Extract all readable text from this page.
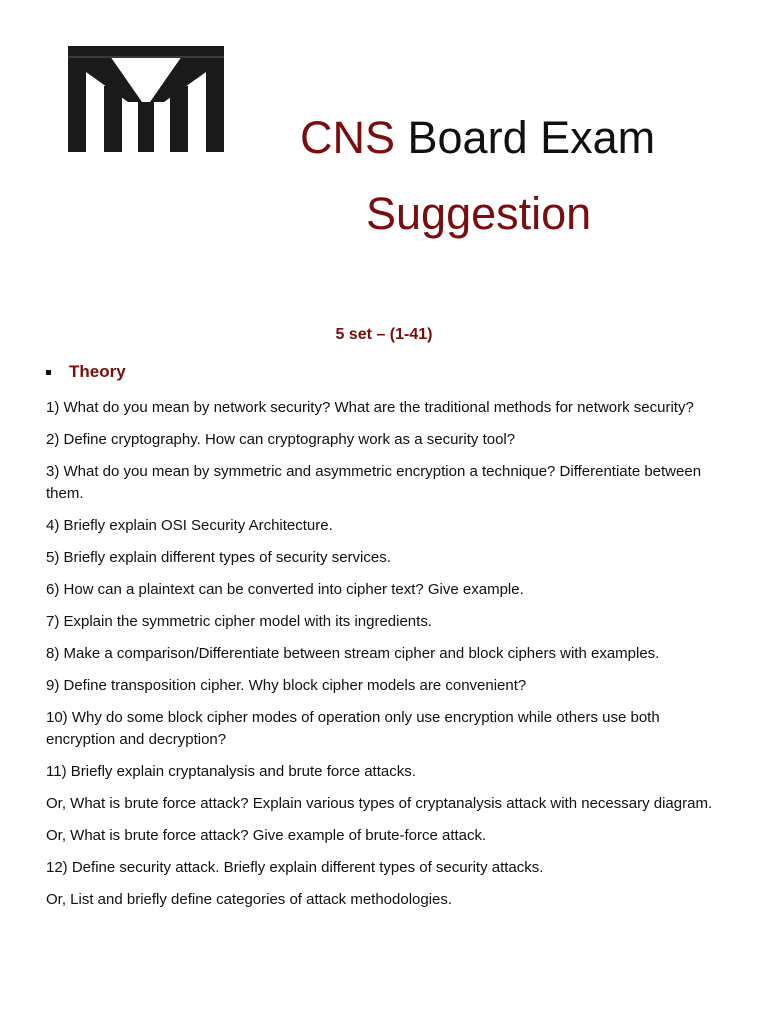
CNS Board Exam
Suggestion
5 set – (1-41)
Theory

1) What do you mean by network security? What are the traditional methods for network security?

2) Define cryptography. How can cryptography work as a security tool?

3) What do you mean by symmetric and asymmetric encryption a technique? Differentiate between them.

4) Briefly explain OSI Security Architecture.

5) Briefly explain different types of security services.

6) How can a plaintext can be converted into cipher text? Give example.

7) Explain the symmetric cipher model with its ingredients.

8) Make a comparison/Differentiate between stream cipher and block ciphers with examples.

9) Define transposition cipher. Why block cipher models are convenient?

10) Why do some block cipher modes of operation only use encryption while others use both encryption and decryption?

11) Briefly explain cryptanalysis and brute force attacks.

Or, What is brute force attack? Explain various types of cryptanalysis attack with necessary diagram.

Or, What is brute force attack? Give example of brute-force attack.

12) Define security attack. Briefly explain different types of security attacks.

Or, List and briefly define categories of attack methodologies.
